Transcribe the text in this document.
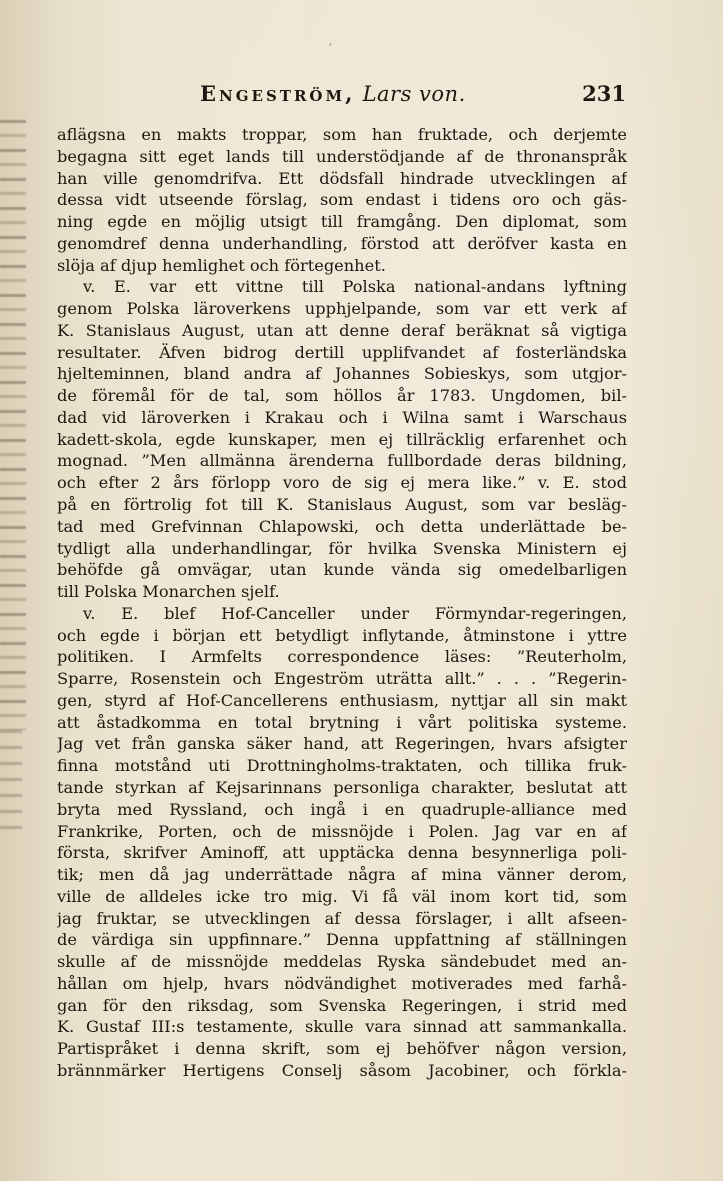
ʼ
Engeström, Lars von.	231
aflägsna en makts troppar, som han fruktade, och derjemte
begagna sitt eget lands till understödjande af de thronanspråk
han ville genomdrifva. Ett dödsfall hindrade utvecklingen af
dessa vidt utseende förslag, som endast i tidens oro och gäs-
ning egde en möjlig utsigt till framgång. Den diplomat, som
genomdref denna underhandling, förstod att deröfver kasta en
slöja af djup hemlighet och förtegenhet.
v. E. var ett vittne till Polska national-andans lyftning
genom Polska läroverkens upphjelpande, som var ett verk af
K. Stanislaus August, utan att denne deraf beräknat så vigtiga
resultater. Äfven bidrog dertill upplifvandet af fosterländska
hjelteminnen, bland andra af Johannes Sobieskys, som utgjor-
de föremål för de tal, som höllos år 1783. Ungdomen, bil-
dad vid läroverken i Krakau och i Wilna samt i Warschaus
kadett-skola, egde kunskaper, men ej tillräcklig erfarenhet och
mognad. ”Men allmänna ärenderna fullbordade deras bildning,
och efter 2 års förlopp voro de sig ej mera like.” v. E. stod
på en förtrolig fot till K. Stanislaus August, som var besläg-
tad med Grefvinnan Chlapowski, och detta underlättade be-
tydligt alla underhandlingar, för hvilka Svenska Ministern ej
behöfde gå omvägar, utan kunde vända sig omedelbarligen
till Polska Monarchen sjelf.
v. E. blef Hof-Canceller under Förmyndar-regeringen,
och egde i början ett betydligt inflytande, åtminstone i yttre
politiken. I Armfelts correspondence läses: ”Reuterholm,
Sparre, Rosenstein och Engeström uträtta allt.” . . . ”Regerin-
gen, styrd af Hof-Cancellerens enthusiasm, nyttjar all sin makt
att åstadkomma en total brytning i vårt politiska systeme.
Jag vet från ganska säker hand, att Regeringen, hvars afsigter
finna motstånd uti Drottningholms-traktaten, och tillika fruk-
tande styrkan af Kejsarinnans personliga charakter, beslutat att
bryta med Ryssland, och ingå i en quadruple-alliance med
Frankrike, Porten, och de missnöjde i Polen. Jag var en af
första, skrifver Aminoff, att upptäcka denna besynnerliga poli-
tik; men då jag underrättade några af mina vänner derom,
ville de alldeles icke tro mig. Vi få väl inom kort tid, som
jag fruktar, se utvecklingen af dessa förslager, i allt afseen-
de värdiga sin uppfinnare.” Denna uppfattning af ställningen
skulle af de missnöjde meddelas Ryska sändebudet med an-
hållan om hjelp, hvars nödvändighet motiverades med farhå-
gan för den riksdag, som Svenska Regeringen, i strid med
K. Gustaf III:s testamente, skulle vara sinnad att sammankalla.
Partispråket i denna skrift, som ej behöfver någon version,
brännmärker Hertigens Conselj såsom Jacobiner, och förkla-
